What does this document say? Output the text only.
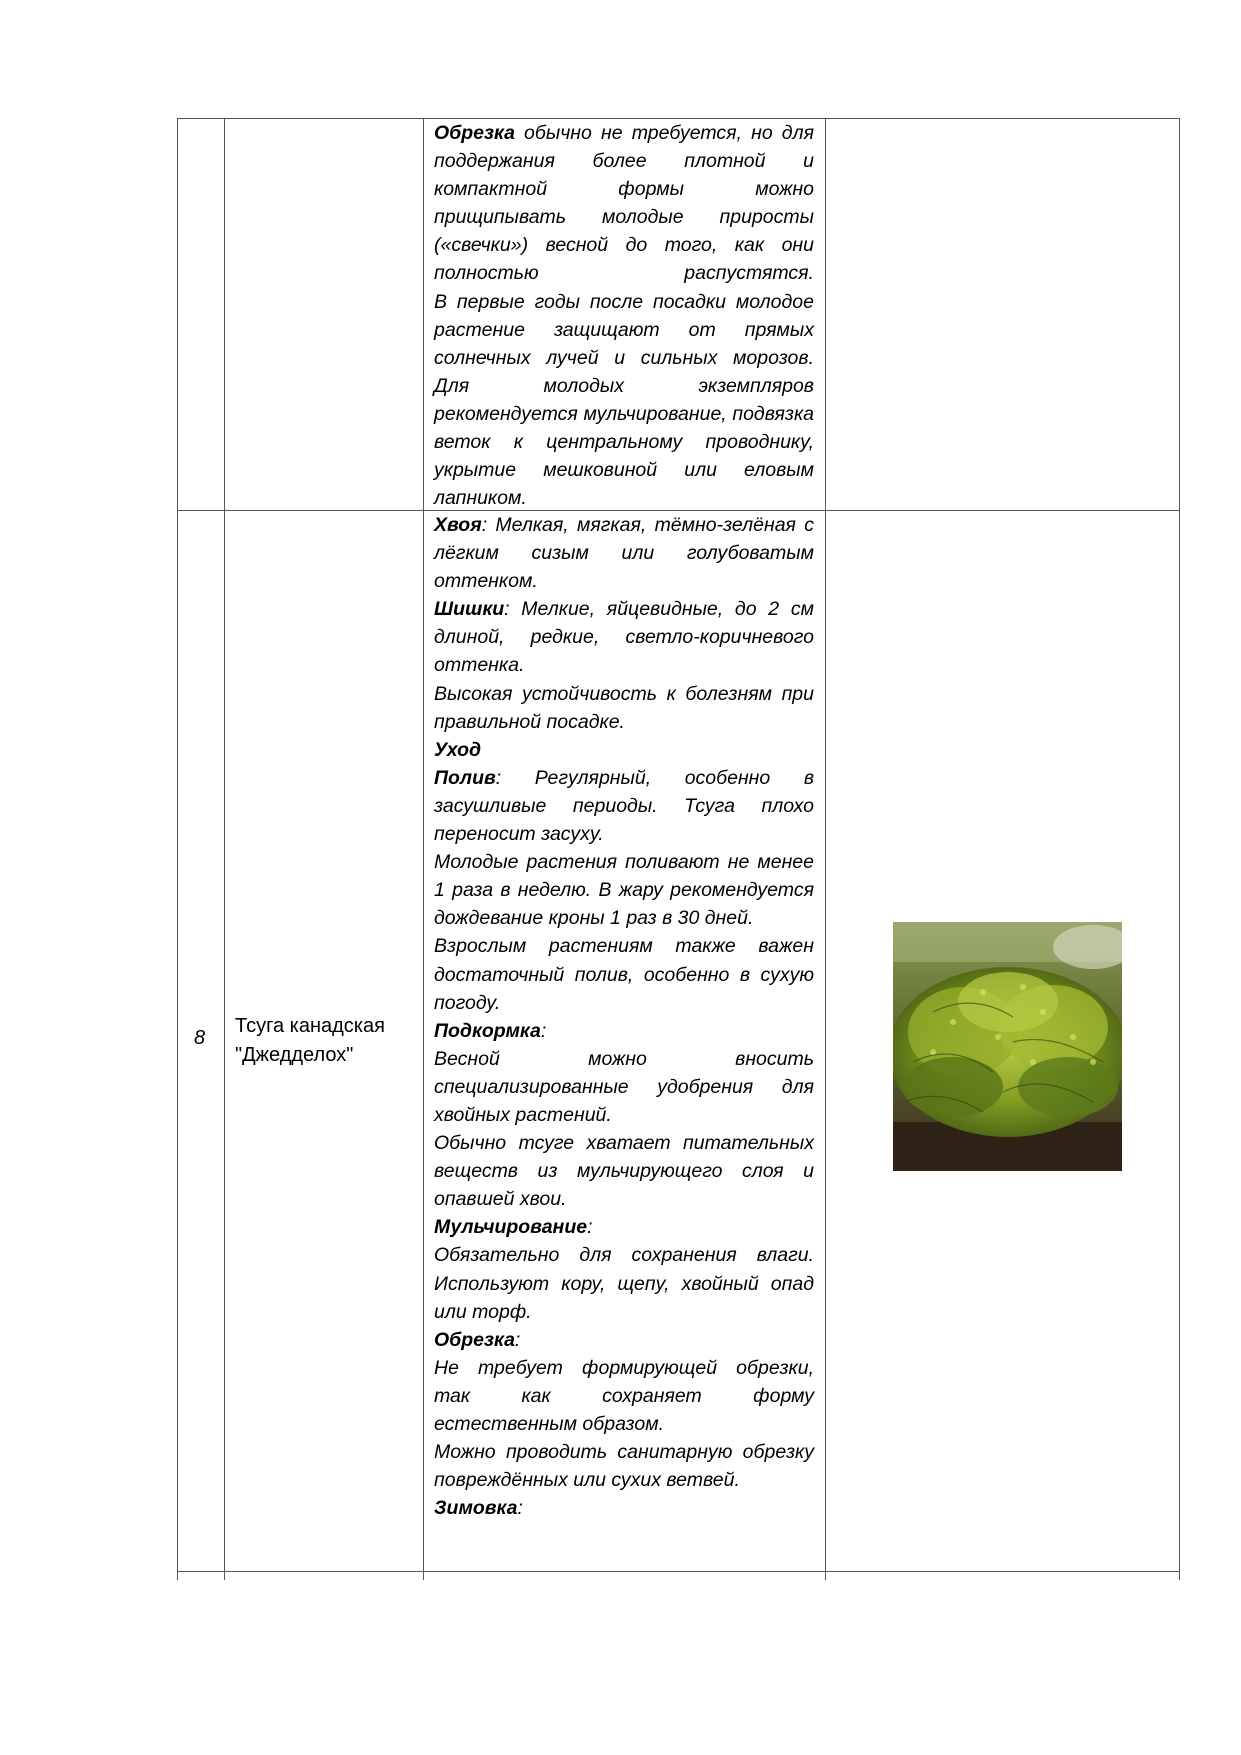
Обрезка обычно не требуется, но для поддержания более плотной и компактной формы можно прищипывать молодые приросты («свечки») весной до того, как они полностью распустятся.

В первые годы после посадки молодое растение защищают от прямых солнечных лучей и сильных морозов.

Для молодых экземпляров рекомендуется мульчирование, подвязка веток к центральному проводнику, укрытие мешковиной или еловым лапником.

8
Тсуга канадская
"Джедделох"

Хвоя: Мелкая, мягкая, тёмно-зелёная с лёгким сизым или голубоватым оттенком.

Шишки: Мелкие, яйцевидные, до 2 см длиной, редкие, светло-коричневого оттенка.

Высокая устойчивость к болезням при правильной посадке.

Уход

Полив: Регулярный, особенно в засушливые периоды. Тсуга плохо переносит засуху.

Молодые растения поливают не менее 1 раза в неделю. В жару рекомендуется дождевание кроны 1 раз в 30 дней.

Взрослым растениям также важен достаточный полив, особенно в сухую погоду.

Подкормка:

Весной можно вносить специализированные удобрения для хвойных растений.

Обычно тсуге хватает питательных веществ из мульчирующего слоя и опавшей хвои.

Мульчирование:

Обязательно для сохранения влаги. Используют кору, щепу, хвойный опад или торф.

Обрезка:

Не требует формирующей обрезки, так как сохраняет форму естественным образом.

Можно проводить санитарную обрезку повреждённых или сухих ветвей.

Зимовка:
